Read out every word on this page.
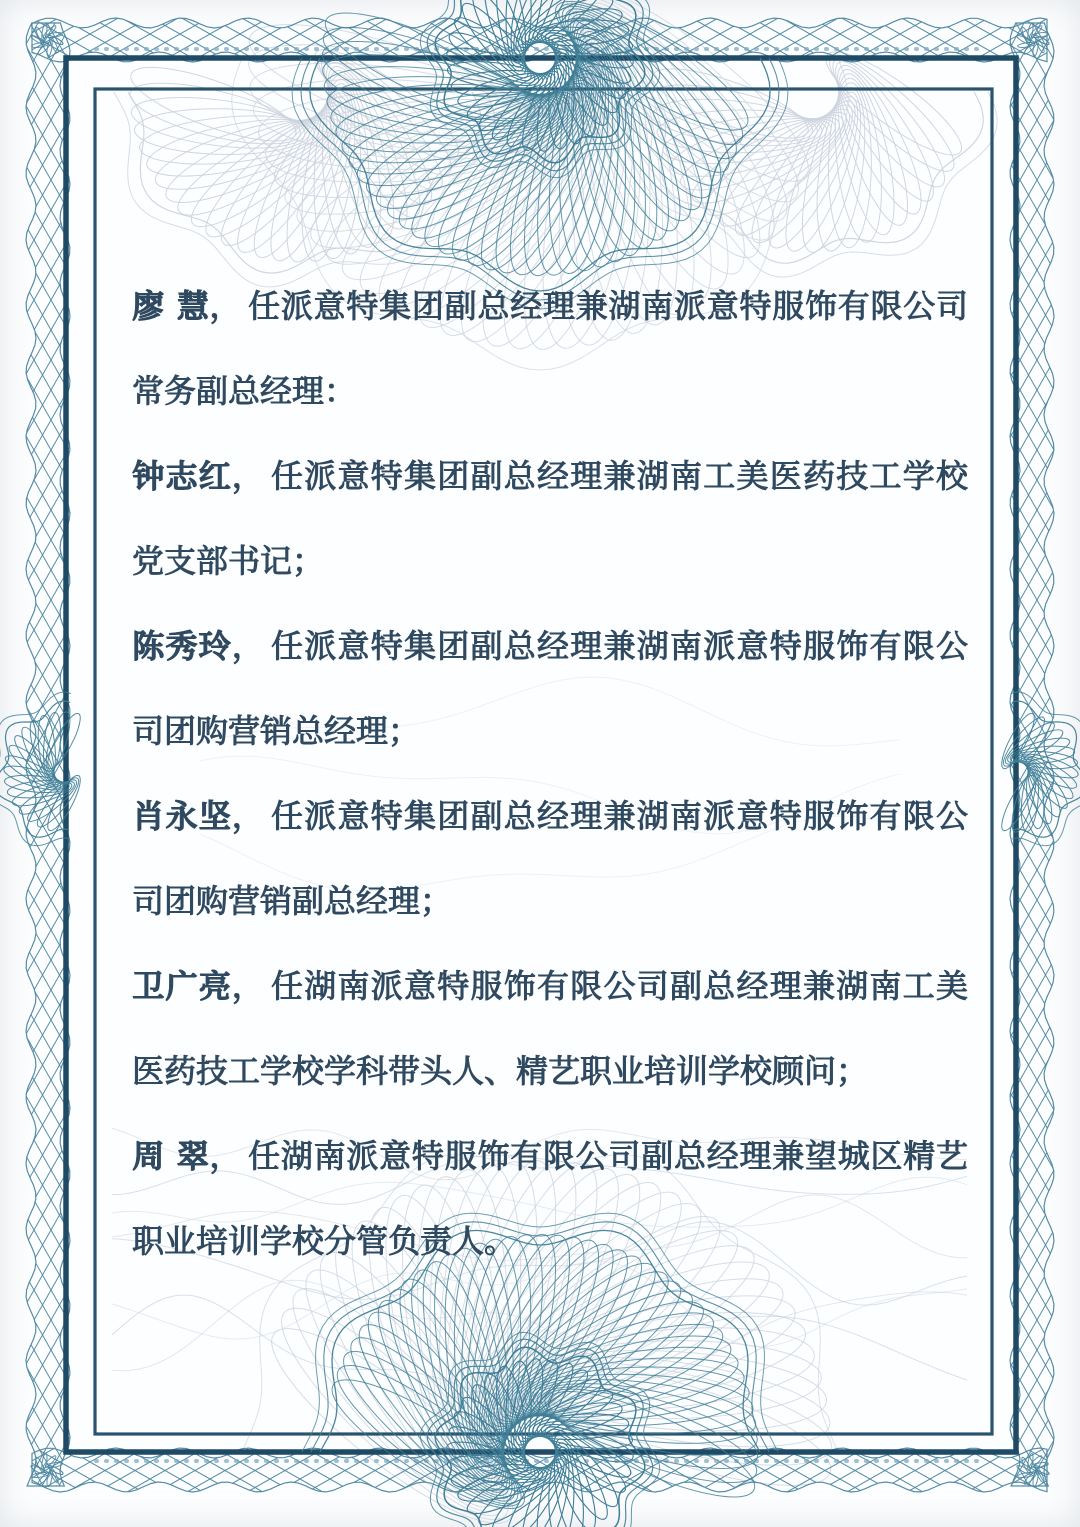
廖 慧， 任派意特集团副总经理兼湖南派意特服饰有限公司
常务副总经理：
钟志红， 任派意特集团副总经理兼湖南工美医药技工学校
党支部书记；
陈秀玲， 任派意特集团副总经理兼湖南派意特服饰有限公
司团购营销总经理；
肖永坚， 任派意特集团副总经理兼湖南派意特服饰有限公
司团购营销副总经理；
卫广亮， 任湖南派意特服饰有限公司副总经理兼湖南工美
医药技工学校学科带头人、精艺职业培训学校顾问；
周 翠， 任湖南派意特服饰有限公司副总经理兼望城区精艺
职业培训学校分管负责人。
